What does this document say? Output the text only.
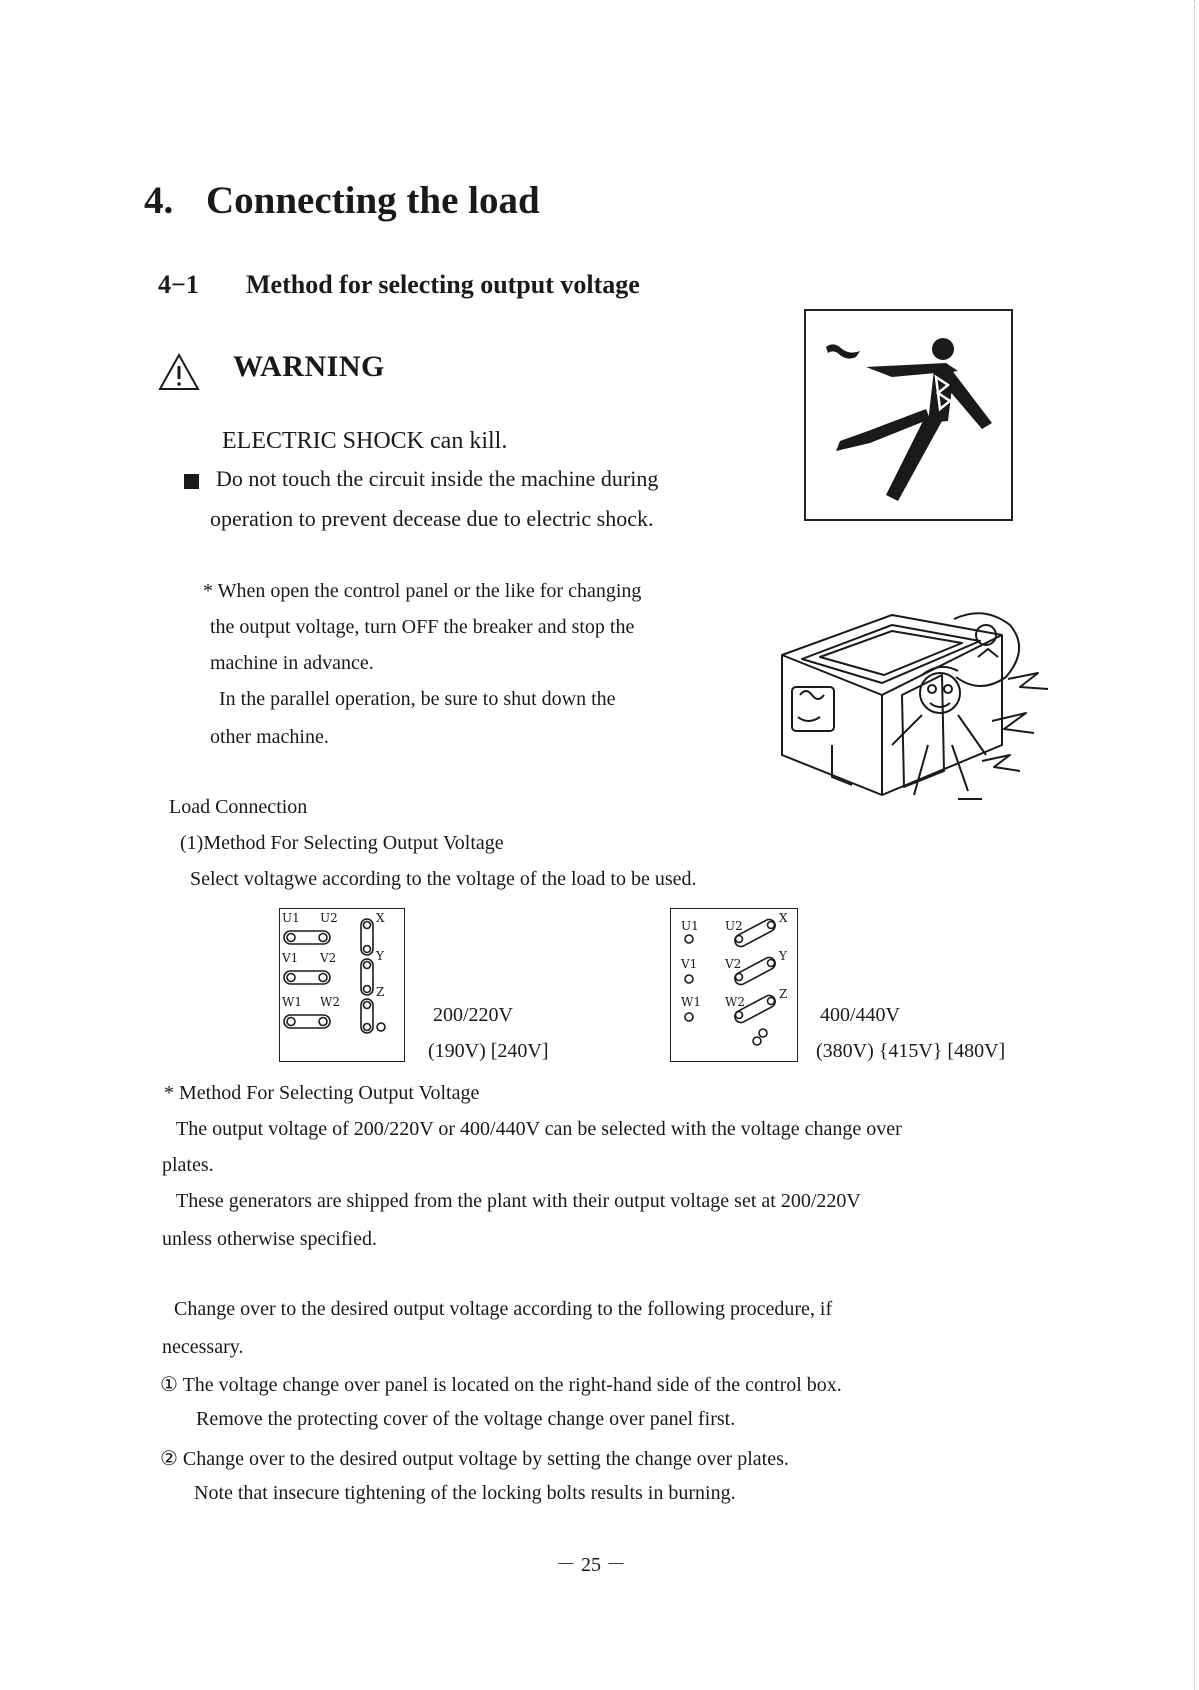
4. Connecting the load
4−1 Method for selecting output voltage
WARNING
ELECTRIC SHOCK can kill.
Do not touch the circuit inside the machine during
operation to prevent decease due to electric shock.
* When open the control panel or the like for changing
the output voltage, turn OFF the breaker and stop the
machine in advance.
In the parallel operation, be sure to shut down the
other machine.
Load Connection
(1)Method For Selecting Output Voltage
Select voltagwe according to the voltage of the load to be used.
U1 U2
V1 V2
W1 W2
X
Y
Z
200/220V
(190V) [240V]
U1 U2
V1 V2
W1 W2
X
Y
Z
400/440V
(380V) {415V} [480V]
* Method For Selecting Output Voltage
The output voltage of 200/220V or 400/440V can be selected with the voltage change over
plates.
These generators are shipped from the plant with their output voltage set at 200/220V
unless otherwise specified.
Change over to the desired output voltage according to the following procedure, if
necessary.
① The voltage change over panel is located on the right-hand side of the control box.
Remove the protecting cover of the voltage change over panel first.
② Change over to the desired output voltage by setting the change over plates.
Note that insecure tightening of the locking bolts results in burning.
－ 25 －
